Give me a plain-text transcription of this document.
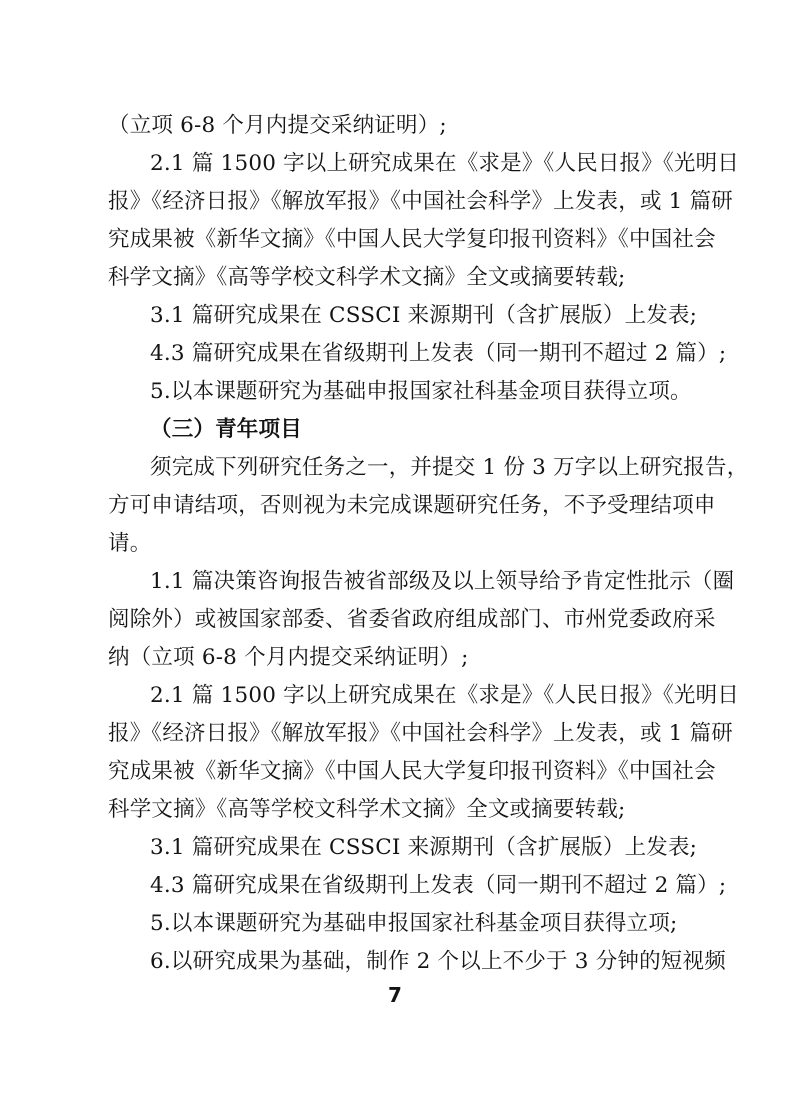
（立项 6-8 个月内提交采纳证明）;
2.1 篇 1500 字以上研究成果在《求是》《人民日报》《光明日
报》《经济日报》《解放军报》《中国社会科学》上发表，或 1 篇研
究成果被《新华文摘》《中国人民大学复印报刊资料》《中国社会
科学文摘》《高等学校文科学术文摘》全文或摘要转载;
3.1 篇研究成果在 CSSCI 来源期刊（含扩展版）上发表;
4.3 篇研究成果在省级期刊上发表（同一期刊不超过 2 篇）;
5.以本课题研究为基础申报国家社科基金项目获得立项。
（三）青年项目
须完成下列研究任务之一，并提交 1 份 3 万字以上研究报告，
方可申请结项，否则视为未完成课题研究任务，不予受理结项申
请。
1.1 篇决策咨询报告被省部级及以上领导给予肯定性批示（圈
阅除外）或被国家部委、省委省政府组成部门、市州党委政府采
纳（立项 6-8 个月内提交采纳证明）;
2.1 篇 1500 字以上研究成果在《求是》《人民日报》《光明日
报》《经济日报》《解放军报》《中国社会科学》上发表，或 1 篇研
究成果被《新华文摘》《中国人民大学复印报刊资料》《中国社会
科学文摘》《高等学校文科学术文摘》全文或摘要转载;
3.1 篇研究成果在 CSSCI 来源期刊（含扩展版）上发表;
4.3 篇研究成果在省级期刊上发表（同一期刊不超过 2 篇）;
5.以本课题研究为基础申报国家社科基金项目获得立项;
6.以研究成果为基础，制作 2 个以上不少于 3 分钟的短视频
7
